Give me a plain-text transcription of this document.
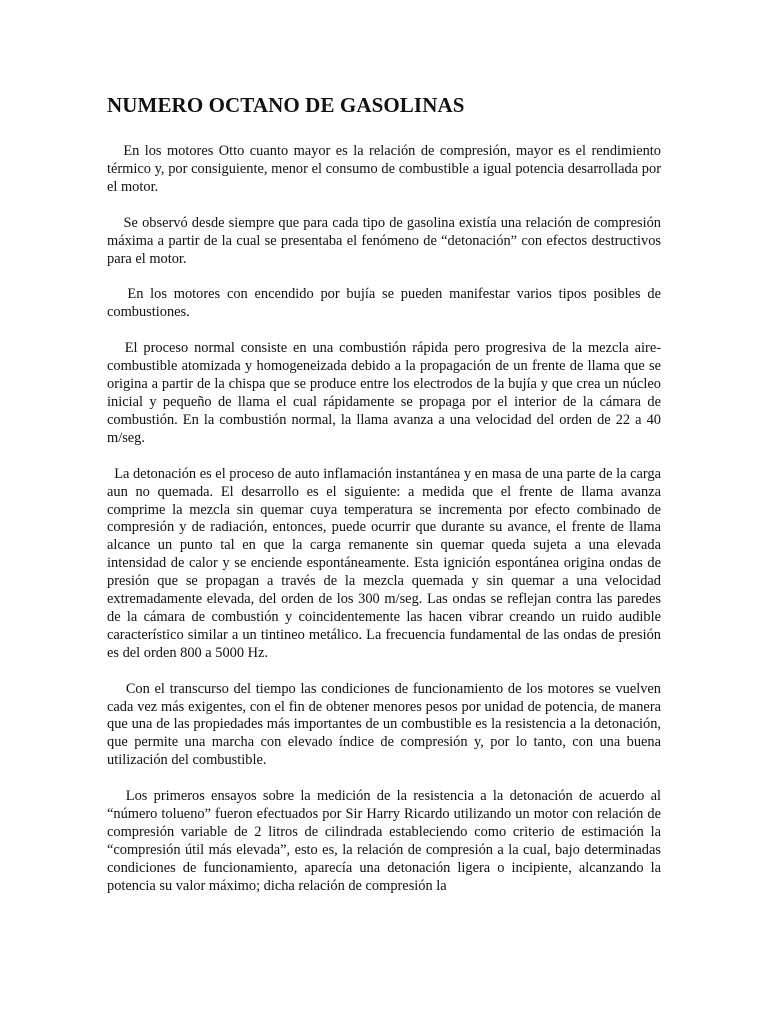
NUMERO OCTANO DE GASOLINAS

En los motores Otto cuanto mayor es la relación de compresión, mayor es el rendimiento térmico y, por consiguiente, menor el consumo de combustible a igual potencia desarrollada por el motor.

Se observó desde siempre que para cada tipo de gasolina existía una relación de compresión máxima a partir de la cual se presentaba el fenómeno de “detonación” con efectos destructivos para el motor.

En los motores con encendido por bujía se pueden manifestar varios tipos posibles de combustiones.

El proceso normal consiste en una combustión rápida pero progresiva de la mezcla aire-combustible atomizada y homogeneizada debido a la propagación de un frente de llama que se origina a partir de la chispa que se produce entre los electrodos de la bujía y que crea un núcleo inicial y pequeño de llama el cual rápidamente se propaga por el interior de la cámara de combustión. En la combustión normal, la llama avanza a una velocidad del orden de 22 a 40 m/seg.

La detonación es el proceso de auto inflamación instantánea y en masa de una parte de la carga aun no quemada. El desarrollo es el siguiente: a medida que el frente de llama avanza comprime la mezcla sin quemar cuya temperatura se incrementa por efecto combinado de compresión y de radiación, entonces, puede ocurrir que durante su avance, el frente de llama alcance un punto tal en que la carga remanente sin quemar queda sujeta a una elevada intensidad de calor y se enciende espontáneamente. Esta ignición espontánea origina ondas de presión que se propagan a través de la mezcla quemada y sin quemar a una velocidad extremadamente elevada, del orden de los 300 m/seg. Las ondas se reflejan contra las paredes de la cámara de combustión y coincidentemente las hacen vibrar creando un ruido audible característico similar a un tintineo metálico. La frecuencia fundamental de las ondas de presión es del orden 800 a 5000 Hz.

Con el transcurso del tiempo las condiciones de funcionamiento de los motores se vuelven cada vez más exigentes, con el fin de obtener menores pesos por unidad de potencia, de manera que una de las propiedades más importantes de un combustible es la resistencia a la detonación, que permite una marcha con elevado índice de compresión y, por lo tanto, con una buena utilización del combustible.

Los primeros ensayos sobre la medición de la resistencia a la detonación de acuerdo al “número tolueno” fueron efectuados por Sir Harry Ricardo utilizando un motor con relación de compresión variable de 2 litros de cilindrada estableciendo como criterio de estimación la “compresión útil más elevada”, esto es, la relación de compresión a la cual, bajo determinadas condiciones de funcionamiento, aparecía una detonación ligera o incipiente, alcanzando la potencia su valor máximo; dicha relación de compresión la
